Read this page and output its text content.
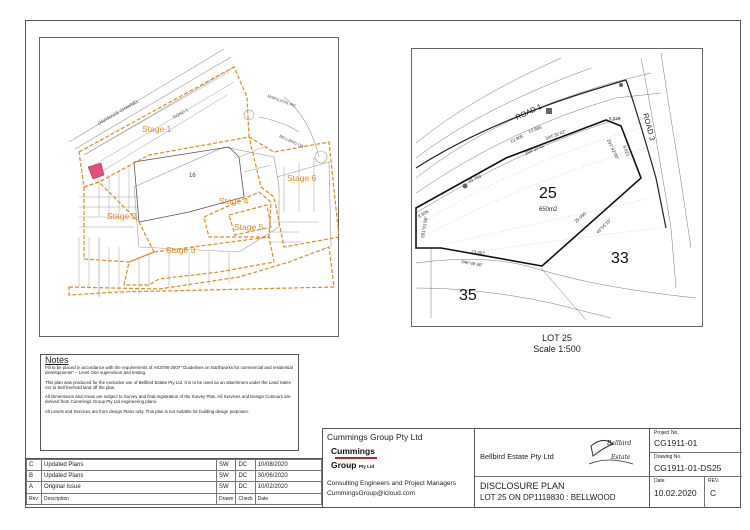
16
Stage 1
Stage 2
Stage 3
Stage 4
Stage 5
Stage 6
DRAINAGE CHANNEL	ROAD 1
MARSUPIAL RD
BELLBIRD DR
25
650m2
33
35
ROAD 1
ROAD 3
344°35'42"
299°35'42"	291°42'00"
43°05'15"
346°46'36"
281°01'59"
8.529
12.885
13.905
9.621
15.703
25.990
23.607
8.936
LOT 25
Scale 1:500
Notes

Fill to be placed in accordance with the requirements of AS3798-2007 "Guidelines on Earthworks for commercial and residential developments" – Level One supervision and testing.

This plan was produced for the exclusive use of Bellbird Estate Pty Ltd. It is to be used as an attachment under the Land Sales Act to Sell freehold land off the plan.

All Dimensions and Areas are subject to Survey and final registration of the Survey Plan. All Services and Design Contours are derived from Cummings Group Pty Ltd engineering plans.

All Levels and Services are from design Plans only. This plan is not suitable for building design purposes.

C	Updated Plans	SW	DC	10/08/2020
B	Updated Plans	SW	DC	30/06/2020
A	Original Issue	SW	DC	10/02/2020
Rev	Description	Drawn	Check	Date
Cummings Group Pty Ltd
Cummings
Group Pty Ltd
Consulting Engineers and Project Managers
CummingsGroup@icloud.com
Bellbird Estate Pty Ltd
Bellbird
Estate
DISCLOSURE PLAN
LOT 25 ON DP1119830 : BELLWOOD
Project No.
CG1911-01
Drawing No.
CG1911-01-DS25
Date
10.02.2020
REV.
C
